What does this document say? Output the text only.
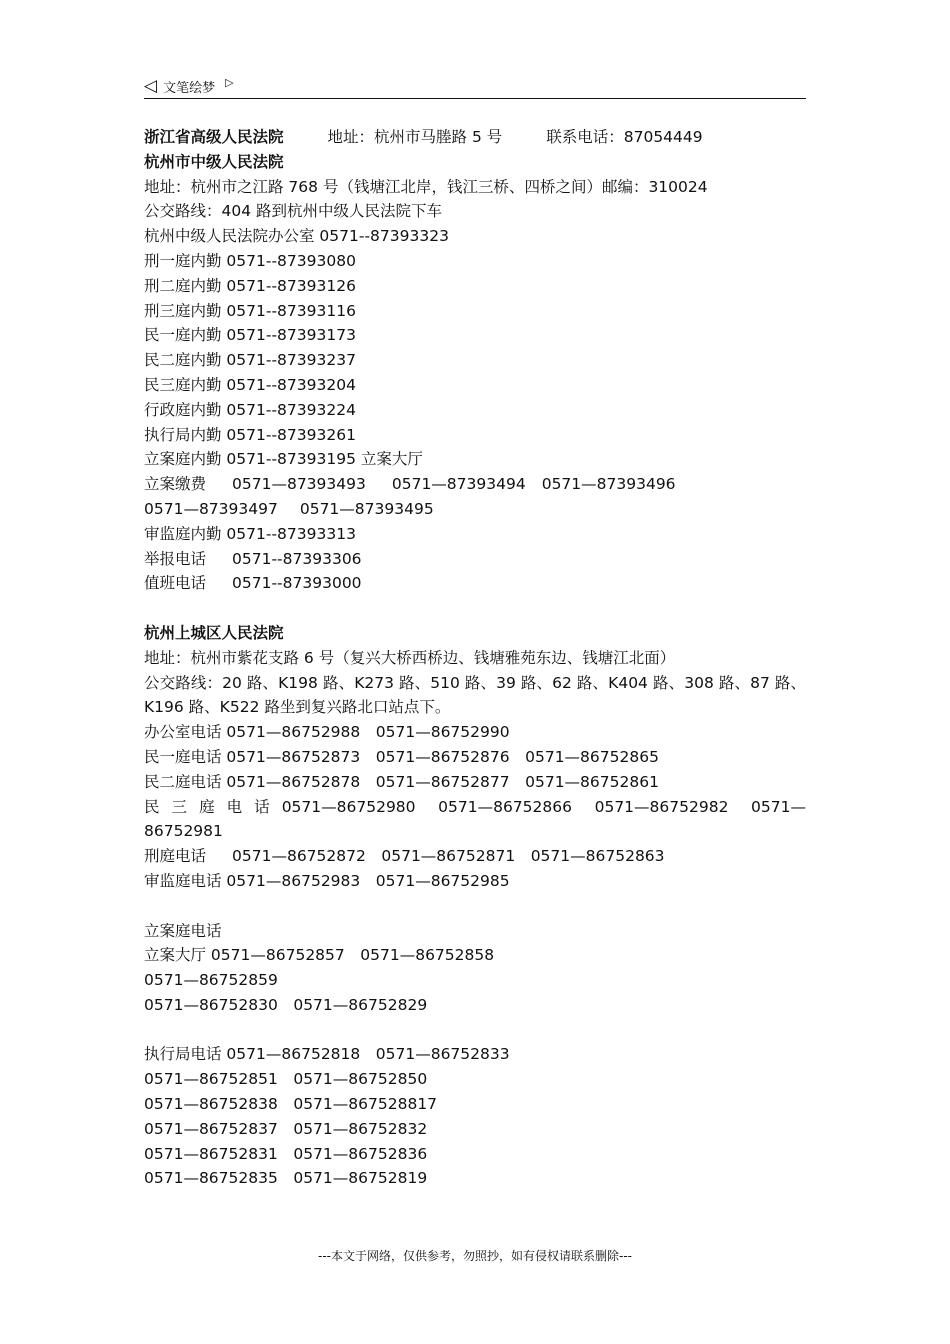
◁ 文笔绘梦 ▷
浙江省高级人民法院	地址：杭州市马塍路 5 号	联系电话：87054449
杭州市中级人民法院
地址：杭州市之江路 768 号（钱塘江北岸，钱江三桥、四桥之间）邮编：310024
公交路线：404 路到杭州中级人民法院下车
杭州中级人民法院办公室 0571--87393323
刑一庭内勤 0571--87393080
刑二庭内勤 0571--87393126
刑三庭内勤 0571--87393116
民一庭内勤 0571--87393173
民二庭内勤 0571--87393237
民三庭内勤 0571--87393204
行政庭内勤 0571--87393224
执行局内勤 0571--87393261
立案庭内勤 0571--87393195 立案大厅
立案缴费 0571—87393493 0571—87393494 0571—87393496
0571—87393497 0571—87393495
审监庭内勤 0571--87393313
举报电话 0571--87393306
值班电话 0571--87393000
杭州上城区人民法院
地址：杭州市紫花支路 6 号（复兴大桥西桥边、钱塘雅苑东边、钱塘江北面）
公交路线：20 路、K198 路、K273 路、510 路、39 路、62 路、K404 路、308 路、87 路、K196 路、K522 路坐到复兴路北口站点下。
办公室电话 0571—86752988　0571—86752990
民一庭电话 0571—86752873　0571—86752876　0571—86752865
民二庭电话 0571—86752878　0571—86752877　0571—86752861
民 三 庭 电 话 0571—86752980　0571—86752866　0571—86752982　0571—86752981
刑庭电话 0571—86752872　0571—86752871　0571—86752863
审监庭电话 0571—86752983　0571—86752985
立案庭电话
立案大厅 0571—86752857　0571—86752858
0571—86752859
0571—86752830　0571—86752829
执行局电话 0571—86752818　0571—86752833
0571—86752851　0571—86752850
0571—86752838　0571—867528817
0571—86752837　0571—86752832
0571—86752831　0571—86752836
0571—86752835　0571—86752819
---本文于网络，仅供参考，勿照抄，如有侵权请联系删除---
